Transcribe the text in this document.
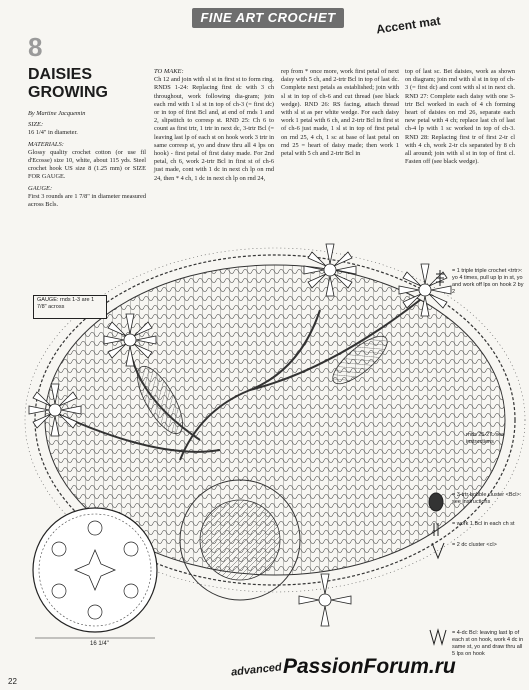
FINE ART CROCHET	Accent mat
8
DAISIES
GROWING
By Martine Jacquemin
SIZE:
16 1/4" in diameter.
MATERIALS:
Glossy quality crochet cotton (or use fil d'Ecosse) size 10, white, about 115 yds. Steel crochet hook US size 8 (1.25 mm) or SIZE FOR GAUGE.
GAUGE:
First 3 rounds are 1 7/8" in diameter measured across Bcls.
TO MAKE:
Ch 12 and join with sl st in first st to form ring. RNDS 1-24: Replacing first dc with 3 ch throughout, work following dia-gram; join each rnd with 1 sl st in top of ch-3 (= first dc) or in top of first Bcl and, at end of rnds 1 and 2, slipstitch to corresp st. RND 25: Ch 6 to count as first trtr, 1 trtr in next dc, 3-trtr Bcl (= leaving last lp of each st on hook work 3 trtr in same corresp st, yo and draw thru all 4 lps on hook) - first petal of first daisy made. For 2nd petal, ch 6, work 2-trtr Bcl in first st of ch-6 just made, cont with 1 dc in next ch lp on rnd 24, then * 4 ch, 1 dc in next ch lp on rnd 24,
rep from * once more, work first petal of next daisy with 5 ch, and 2-trtr Bcl in top of last dc. Complete next petals as established; join with sl st in top of ch-6 and cut thread (see black wedge). RND 26: RS facing, attach thread with sl st as per white wedge. For each daisy work 1 petal with 6 ch, and 2-trtr Bcl in first st of ch-6 just made, 1 sl st in top of first petal on rnd 25, 4 ch, 1 sc at base of last petal on rnd 25 = heart of daisy made; then work 1 petal with 5 ch and 2-trtr Bcl in
top of last sc. Bet daisies, work as shown on diagram; join rnd with sl st in top of ch-3 (= first dc) and cont with sl st in next ch. RND 27: Complete each daisy with one 3-trtr Bcl worked in each of 4 ch forming heart of daisies on rnd 26, separate each new petal with 4 ch; replace last ch of last ch-4 lp with 1 sc worked in top of ch-3. RND 28: Replacing first tr of first 2-tr cl with 4 ch, work 2-tr cls separated by 8 ch all around; join with sl st in top of first cl. Fasten off (see black wedge).
GAUGE: rnds 1-3 are 1 7/8" across
= 1 triple triple crochet <trtr>: yo 4 times, pull up lp in st, yo and work off lps on hook 2 by 2
rnds 25-27: see instructions
= 3-trtr bobble cluster <Bcl>: see instructions
= work 1 Bcl in each ch st
= 2 dc cluster <cl>
= 4-dc Bcl: leaving last lp of each st on hook, work 4 dc in same st, yo and draw thru all 5 lps on hook
16 1/4"
advanced PassionForum.ru
22
